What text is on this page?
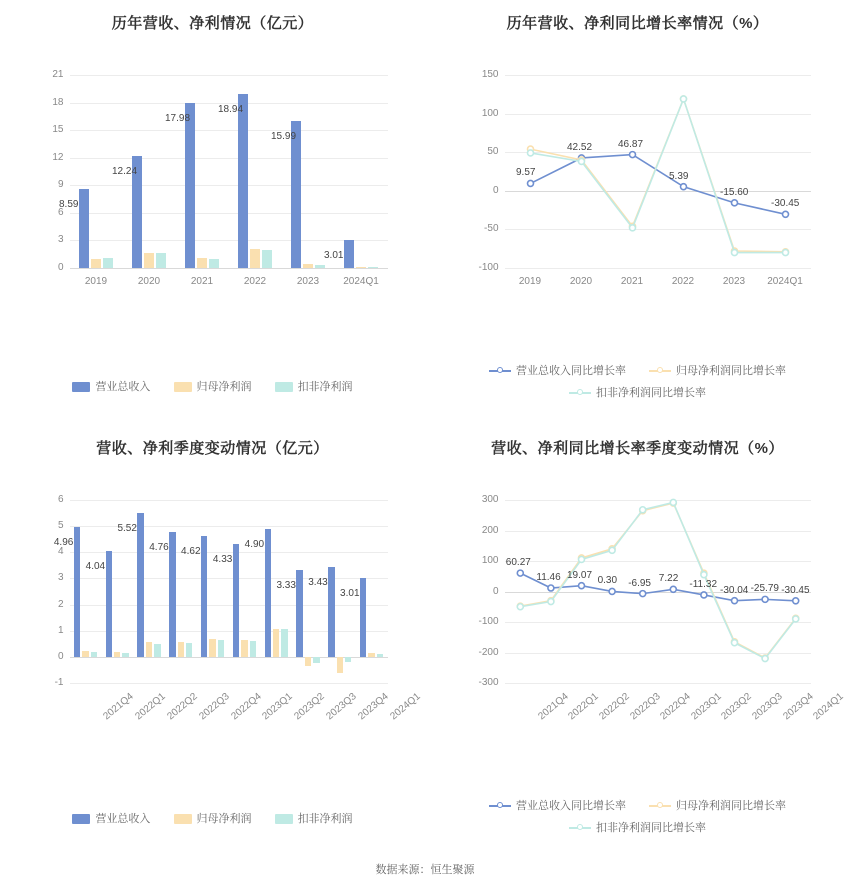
历年营收、净利情况（亿元）
0
3
6
9
12
15
18
21
8.59
2019
12.24
2020
17.98
2021
18.94
2022
15.99
2023
3.01
2024Q1
营业总收入	归母净利润	扣非净利润
历年营收、净利同比增长率情况（%）
-100
-50
0
50
100
150
9.57
42.52	46.87
5.39
-15.60
-30.45
2019	2020	2021	2022	2023	2024Q1
营业总收入同比增长率	归母净利润同比增长率
扣非净利润同比增长率
营收、净利季度变动情况（亿元）
-1
0
1
2
3
4
5
6
4.96
2021Q4
4.04
2022Q1
5.52
2022Q2
4.76
2022Q3
4.62
2022Q4
4.33
2023Q1
4.90
2023Q2
3.33
2023Q3
3.43
2023Q4
3.01
2024Q1
营业总收入	归母净利润	扣非净利润
营收、净利同比增长率季度变动情况（%）
-300
-200
-100
0
100
200
300
60.27
11.46 19.07
0.30 -6.95 7.22
-11.32
-30.04 -25.79 -30.45
2021Q4
2022Q1
2022Q2
2022Q3
2022Q4
2023Q1
2023Q2
2023Q3
2023Q4
2024Q1
营业总收入同比增长率	归母净利润同比增长率
扣非净利润同比增长率
数据来源：恒生聚源
